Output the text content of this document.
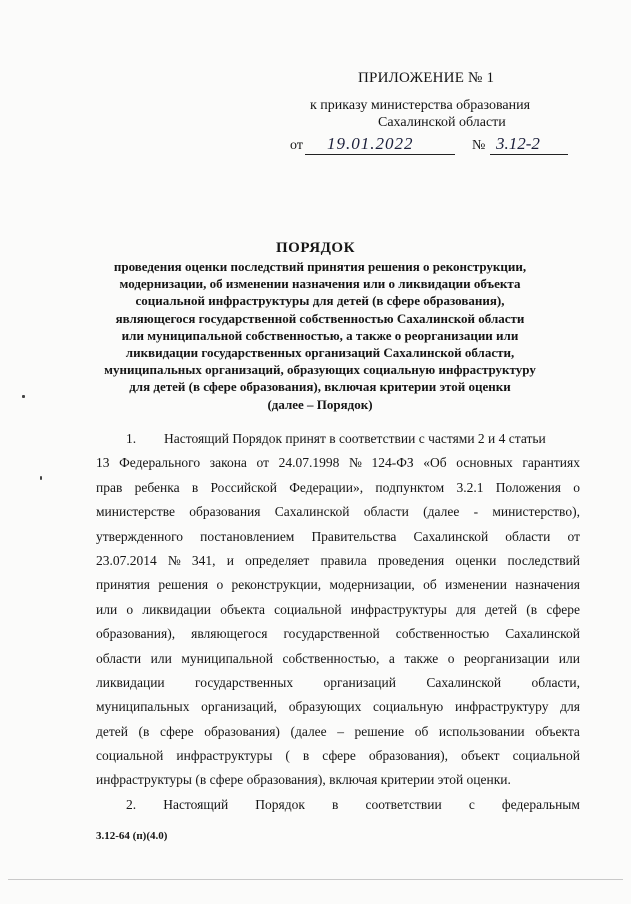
ПРИЛОЖЕНИЕ № 1
к приказу министерства образования
Сахалинской области
от 19.01.2022	№ 3.12-2
ПОРЯДОК
проведения оценки последствий принятия решения о реконструкции,
модернизации, об изменении назначения или о ликвидации объекта
социальной инфраструктуры для детей (в сфере образования),
являющегося государственной собственностью Сахалинской области
или муниципальной собственностью, а также о реорганизации или
ликвидации государственных организаций Сахалинской области,
муниципальных организаций, образующих социальную инфраструктуру
для детей (в сфере образования), включая критерии этой оценки
(далее – Порядок)
1. Настоящий Порядок принят в соответствии с частями 2 и 4 статьи
13 Федерального закона от 24.07.1998 № 124-ФЗ «Об основных гарантиях
прав ребенка в Российской Федерации», подпунктом 3.2.1 Положения о
министерстве образования Сахалинской области (далее - министерство),
утвержденного постановлением Правительства Сахалинской области от
23.07.2014 № 341, и определяет правила проведения оценки последствий
принятия решения о реконструкции, модернизации, об изменении назначения
или о ликвидации объекта социальной инфраструктуры для детей (в сфере
образования), являющегося государственной собственностью Сахалинской
области или муниципальной собственностью, а также о реорганизации или
ликвидации государственных организаций Сахалинской области,
муниципальных организаций, образующих социальную инфраструктуру для
детей (в сфере образования) (далее – решение об использовании объекта
социальной инфраструктуры ( в сфере образования), объект социальной
инфраструктуры (в сфере образования), включая критерии этой оценки.
2. Настоящий Порядок в соответствии с федеральным
3.12-64 (п)(4.0)
